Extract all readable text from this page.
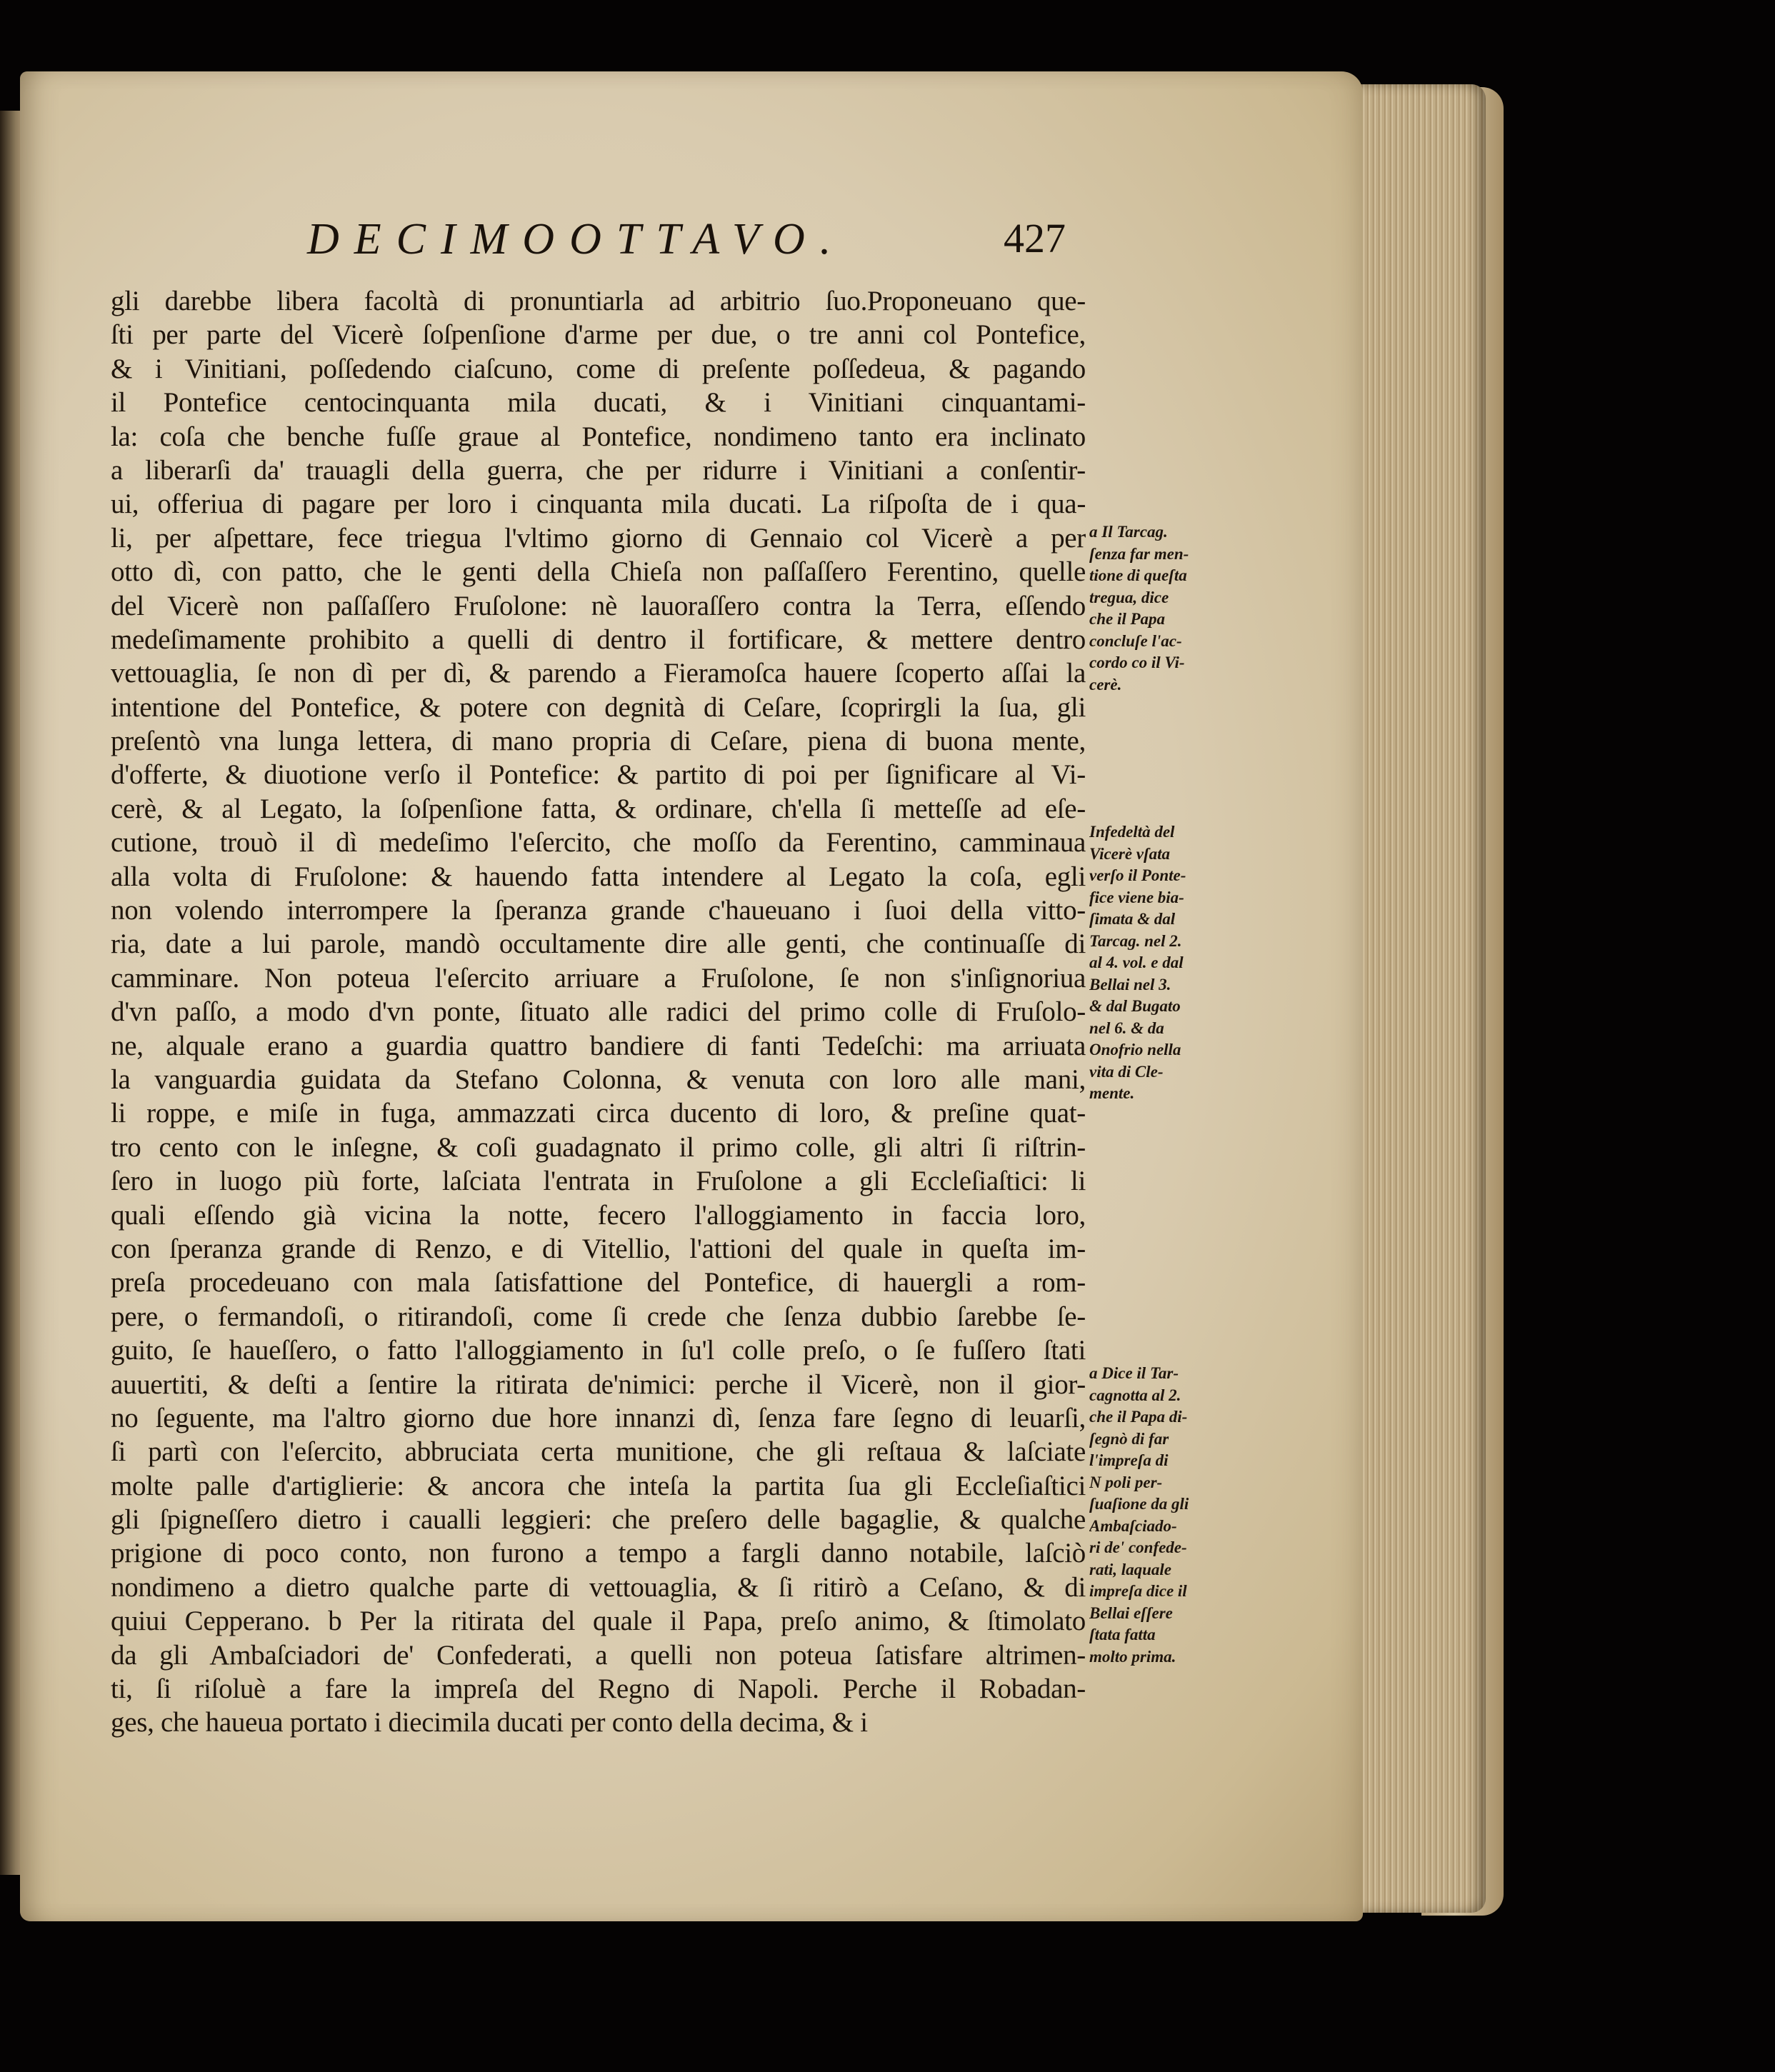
DECIMOOTTAVO.	427
gli darebbe libera facoltà di pronuntiarla ad arbitrio ſuo.Proponeuano que-
ſti per parte del Vicerè ſoſpenſione d'arme per due, o tre anni col Pontefice,
& i Vinitiani, poſſedendo ciaſcuno, come di preſente poſſedeua, & pagando
il Pontefice centocinquanta mila ducati, & i Vinitiani cinquantami-
la: coſa che benche fuſſe graue al Pontefice, nondimeno tanto era inclinato
a liberarſi da' trauagli della guerra, che per ridurre i Vinitiani a conſentir-
ui, offeriua di pagare per loro i cinquanta mila ducati. La riſpoſta de i qua-
li, per aſpettare, fece triegua l'vltimo giorno di Gennaio col Vicerè a per
otto dì, con patto, che le genti della Chieſa non paſſaſſero Ferentino, quelle
del Vicerè non paſſaſſero Fruſolone: nè lauoraſſero contra la Terra, eſſendo
medeſimamente prohibito a quelli di dentro il fortificare, & mettere dentro
vettouaglia, ſe non dì per dì, & parendo a Fieramoſca hauere ſcoperto aſſai la
intentione del Pontefice, & potere con degnità di Ceſare, ſcoprirgli la ſua, gli
preſentò vna lunga lettera, di mano propria di Ceſare, piena di buona mente,
d'offerte, & diuotione verſo il Pontefice: & partito di poi per ſignificare al Vi-
cerè, & al Legato, la ſoſpenſione fatta, & ordinare, ch'ella ſi metteſſe ad eſe-
cutione, trouò il dì medeſimo l'eſercito, che moſſo da Ferentino, camminaua
alla volta di Fruſolone: & hauendo fatta intendere al Legato la coſa, egli
non volendo interrompere la ſperanza grande c'haueuano i ſuoi della vitto-
ria, date a lui parole, mandò occultamente dire alle genti, che continuaſſe di
camminare. Non poteua l'eſercito arriuare a Fruſolone, ſe non s'inſignoriua
d'vn paſſo, a modo d'vn ponte, ſituato alle radici del primo colle di Fruſolo-
ne, alquale erano a guardia quattro bandiere di fanti Tedeſchi: ma arriuata
la vanguardia guidata da Stefano Colonna, & venuta con loro alle mani,
li roppe, e miſe in fuga, ammazzati circa ducento di loro, & preſine quat-
tro cento con le inſegne, & coſi guadagnato il primo colle, gli altri ſi riſtrin-
ſero in luogo più forte, laſciata l'entrata in Fruſolone a gli Eccleſiaſtici: li
quali eſſendo già vicina la notte, fecero l'alloggiamento in faccia loro,
con ſperanza grande di Renzo, e di Vitellio, l'attioni del quale in queſta im-
preſa procedeuano con mala ſatisfattione del Pontefice, di hauergli a rom-
pere, o fermandoſi, o ritirandoſi, come ſi crede che ſenza dubbio ſarebbe ſe-
guito, ſe haueſſero, o fatto l'alloggiamento in ſu'l colle preſo, o ſe fuſſero ſtati
auuertiti, & deſti a ſentire la ritirata de'nimici: perche il Vicerè, non il gior-
no ſeguente, ma l'altro giorno due hore innanzi dì, ſenza fare ſegno di leuarſi,
ſi partì con l'eſercito, abbruciata certa munitione, che gli reſtaua & laſciate
molte palle d'artiglierie: & ancora che inteſa la partita ſua gli Eccleſiaſtici
gli ſpigneſſero dietro i caualli leggieri: che preſero delle bagaglie, & qualche
prigione di poco conto, non furono a tempo a fargli danno notabile, laſciò
nondimeno a dietro qualche parte di vettouaglia, & ſi ritirò a Ceſano, & di
quiui Cepperano. b Per la ritirata del quale il Papa, preſo animo, & ſtimolato
da gli Ambaſciadori de' Confederati, a quelli non poteua ſatisfare altrimen-
ti, ſi riſoluè a fare la impreſa del Regno di Napoli. Perche il Robadan-
ges, che haueua portato i diecimila ducati per conto della decima, & i
a Il Tarcag.
ſenza far men-
tione di queſta
tregua, dice
che il Papa
concluſe l'ac-
cordo co il Vi-
cerè.
Infedeltà del
Vicerè vſata
verſo il Ponte-
fice viene bia-
ſimata & dal
Tarcag. nel 2.
al 4. vol. e dal
Bellai nel 3.
& dal Bugato
nel 6. & da
Onofrio nella
vita di Cle-
mente.
a Dice il Tar-
cagnotta al 2.
che il Papa di-
ſegnò di far
l'impreſa di
N poli per-
ſuaſione da gli
Ambaſciado-
ri de' confede-
rati, laquale
impreſa dice il
Bellai eſſere
ſtata fatta
molto prima.
